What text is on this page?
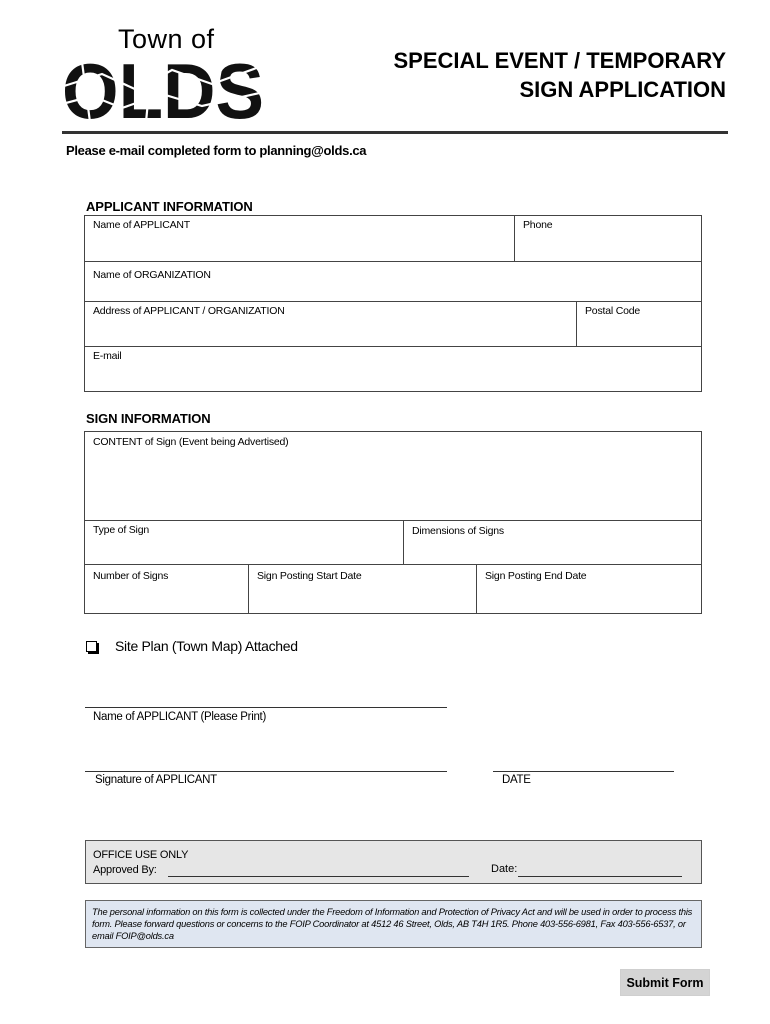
Town of
OLDS	SPECIAL EVENT / TEMPORARY
SIGN APPLICATION
Please e-mail completed form to planning@olds.ca
APPLICANT INFORMATION
Name of APPLICANT	Phone
Name of ORGANIZATION
Address of APPLICANT / ORGANIZATION	Postal Code
E-mail
SIGN INFORMATION
CONTENT of Sign (Event being Advertised)
Type of Sign	Dimensions of Signs
Number of Signs	Sign Posting Start Date	Sign Posting End Date
Site Plan (Town Map) Attached
Name of APPLICANT (Please Print)
Signature of APPLICANT	DATE
OFFICE USE ONLY
Approved By:	Date:
The personal information on this form is collected under the Freedom of Information and Protection of Privacy Act and will be used in order to process this form. Please forward questions or concerns to the FOIP Coordinator at 4512 46 Street, Olds, AB T4H 1R5. Phone 403-556-6981, Fax 403-556-6537, or email FOIP@olds.ca
Submit Form
